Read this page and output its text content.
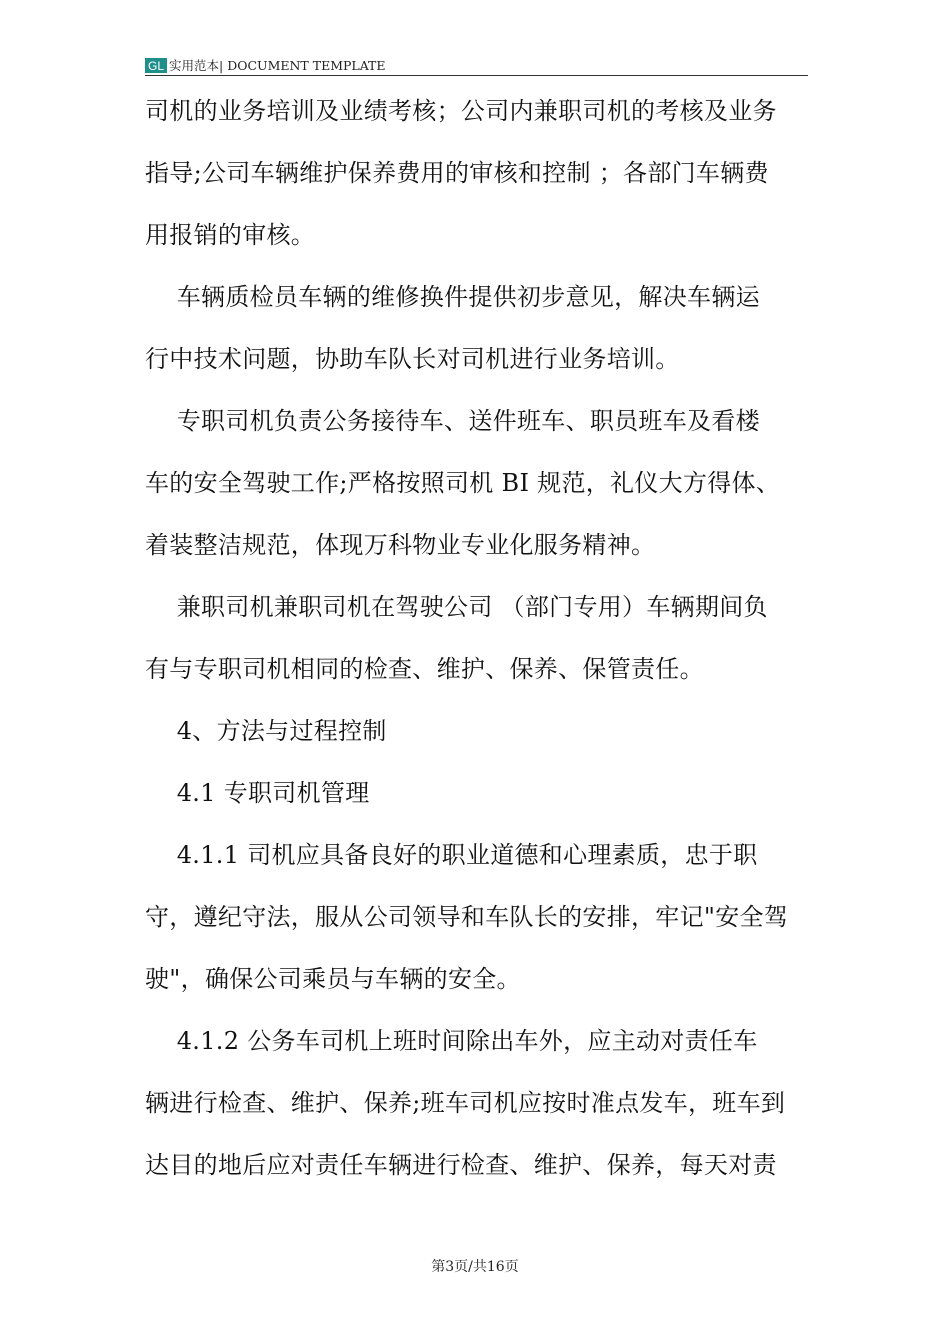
GL 实用范本| DOCUMENT TEMPLATE
司机的业务培训及业绩考核；公司内兼职司机的考核及业务
指导;公司车辆维护保养费用的审核和控制 ；各部门车辆费
用报销的审核。
车辆质检员车辆的维修换件提供初步意见，解决车辆运
行中技术问题，协助车队长对司机进行业务培训。
专职司机负责公务接待车、送件班车、职员班车及看楼
车的安全驾驶工作;严格按照司机 BI 规范，礼仪大方得体、
着装整洁规范，体现万科物业专业化服务精神。
兼职司机兼职司机在驾驶公司 （部门专用）车辆期间负
有与专职司机相同的检查、维护、保养、保管责任。
4、方法与过程控制
4.1 专职司机管理
4.1.1 司机应具备良好的职业道德和心理素质，忠于职
守，遵纪守法，服从公司领导和车队长的安排，牢记"安全驾
驶"，确保公司乘员与车辆的安全。
4.1.2 公务车司机上班时间除出车外，应主动对责任车
辆进行检查、维护、保养;班车司机应按时准点发车，班车到
达目的地后应对责任车辆进行检查、维护、保养，每天对责
第3页/共16页
